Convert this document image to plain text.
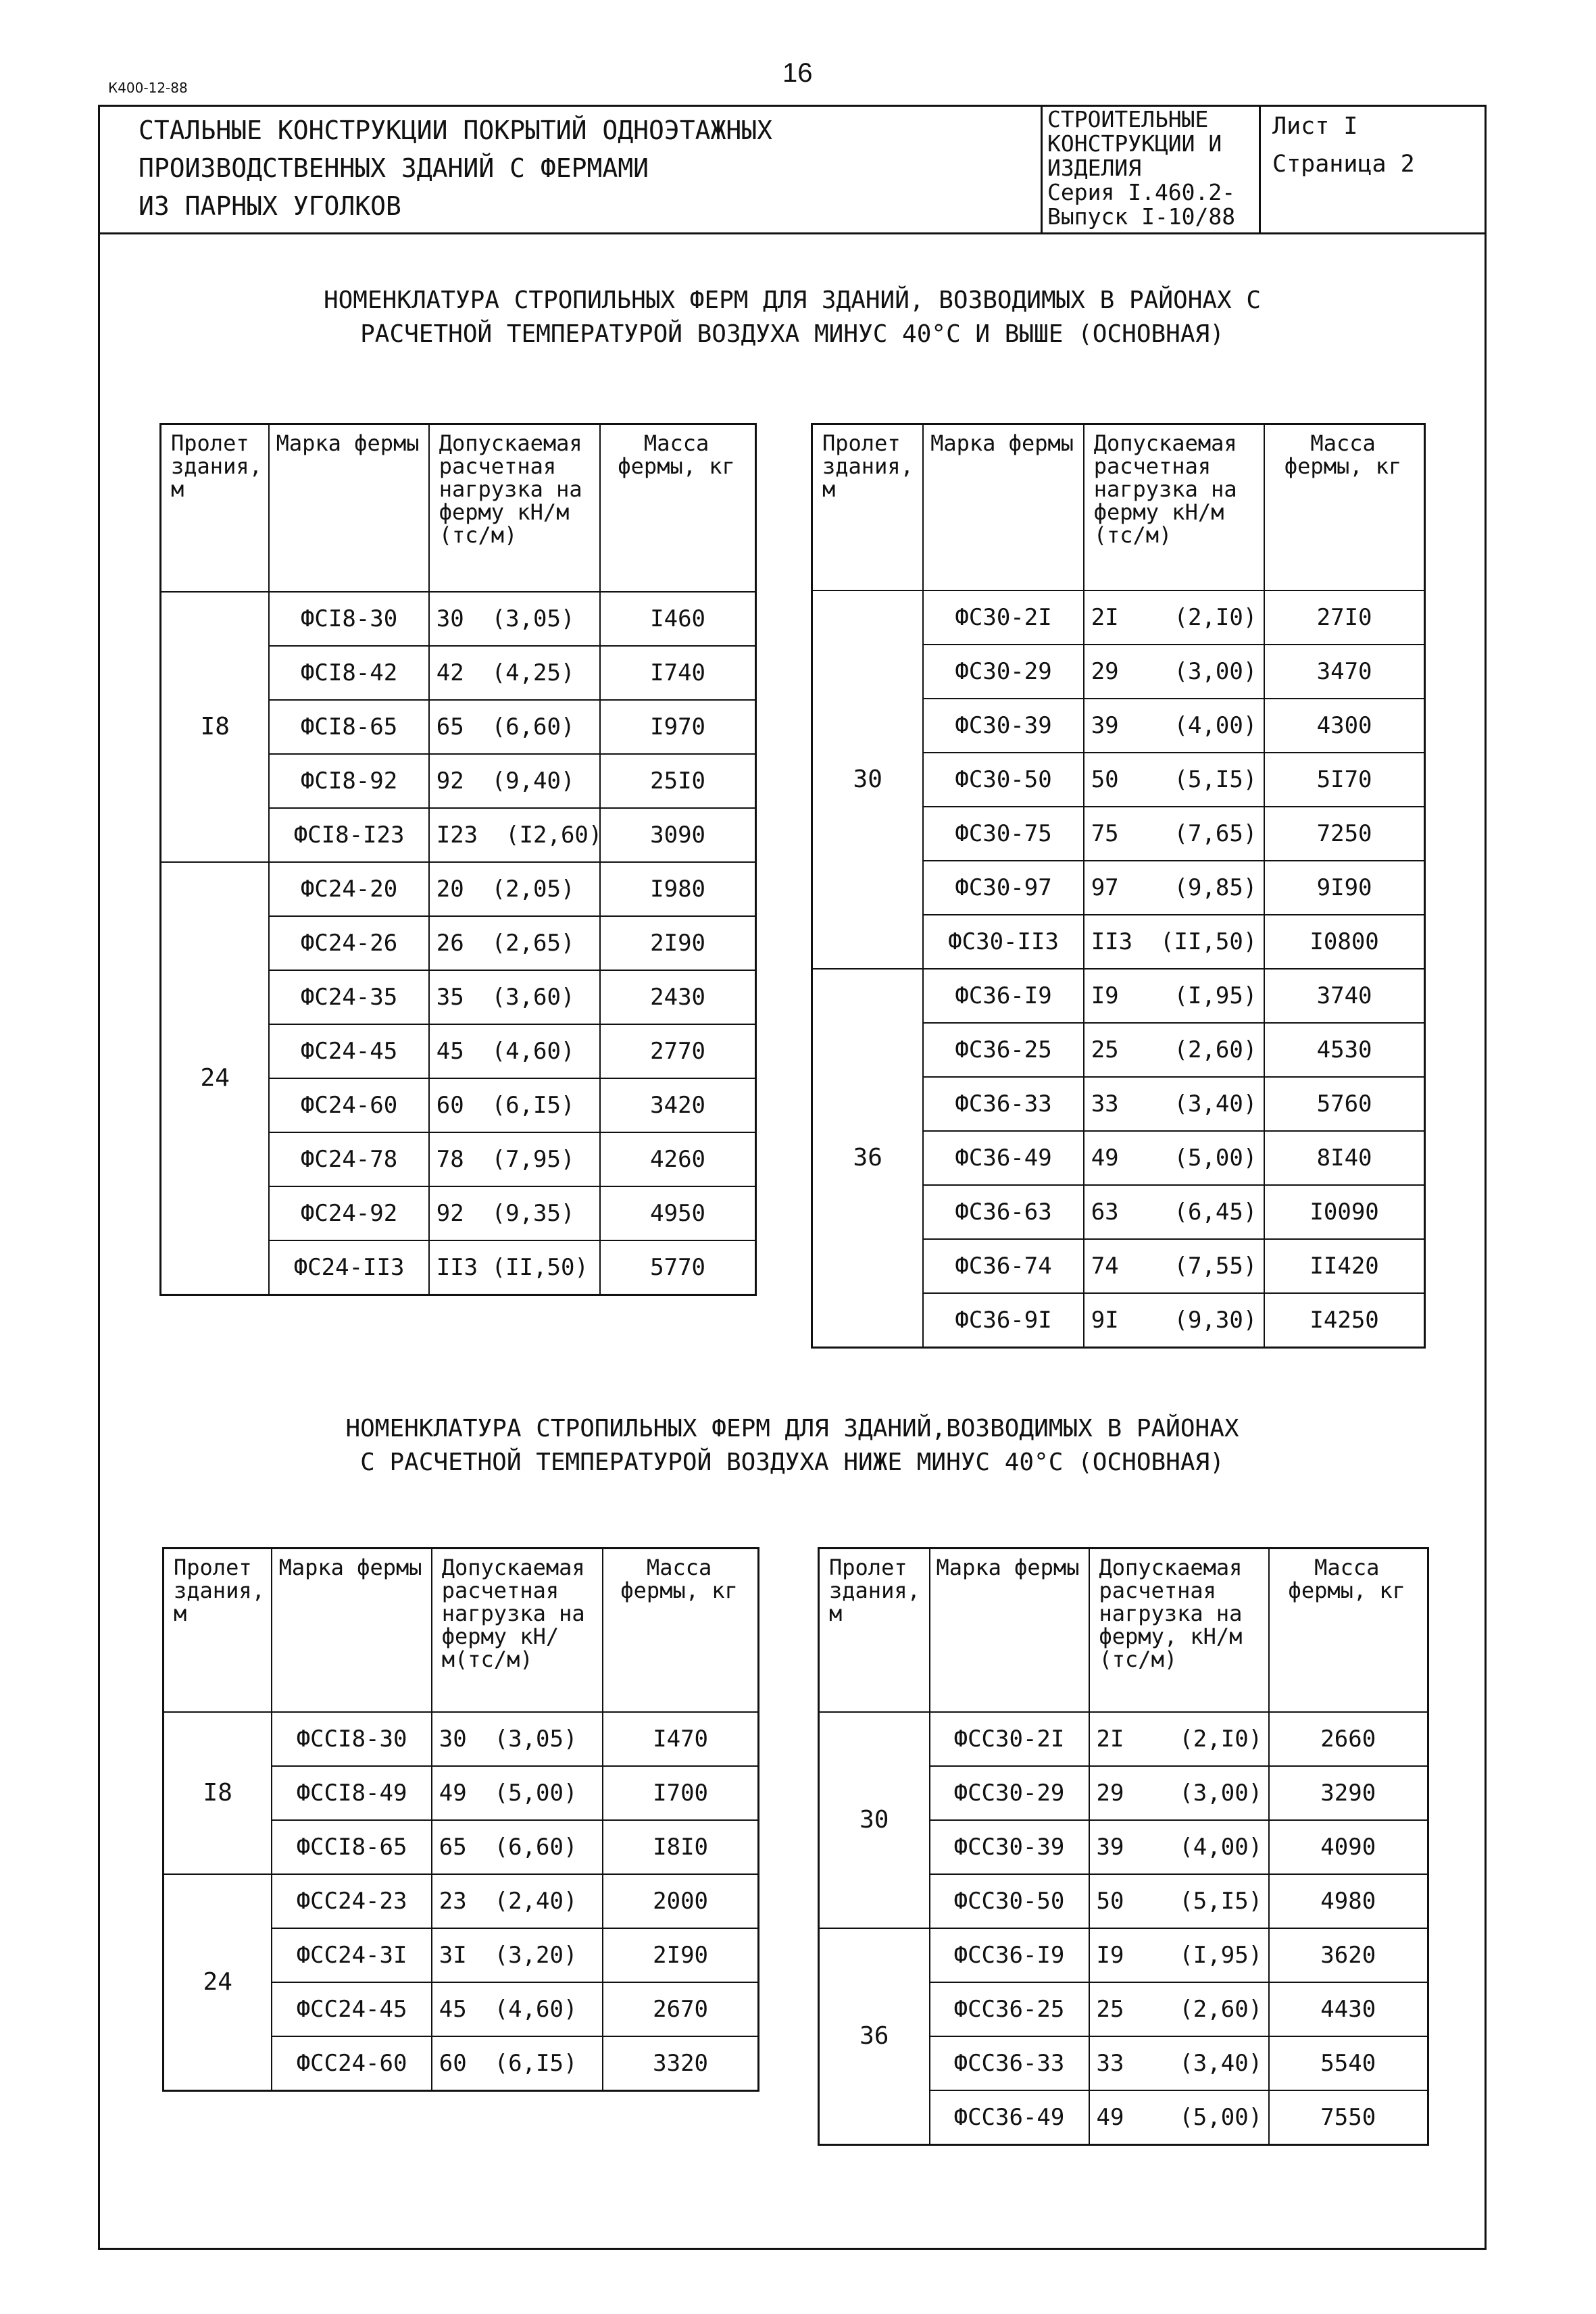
К400-12-88	16
СТАЛЬНЫЕ КОНСТРУКЦИИ ПОКРЫТИЙ ОДНОЭТАЖНЫХ
ПРОИЗВОДСТВЕННЫХ ЗДАНИЙ С ФЕРМАМИ
ИЗ ПАРНЫХ УГОЛКОВ
СТРОИТЕЛЬНЫЕ
КОНСТРУКЦИИ И
ИЗДЕЛИЯ
Серия I.460.2-
Выпуск I-10/88
Лист I
Страница 2
НОМЕНКЛАТУРА СТРОПИЛЬНЫХ ФЕРМ ДЛЯ ЗДАНИЙ, ВОЗВОДИМЫХ В РАЙОНАХ С
РАСЧЕТНОЙ ТЕМПЕРАТУРОЙ ВОЗДУХА МИНУС 40°С И ВЫШЕ (ОСНОВНАЯ)
НОМЕНКЛАТУРА СТРОПИЛЬНЫХ ФЕРМ ДЛЯ ЗДАНИЙ,ВОЗВОДИМЫХ В РАЙОНАХ
С РАСЧЕТНОЙ ТЕМПЕРАТУРОЙ ВОЗДУХА НИЖЕ МИНУС 40°С (ОСНОВНАЯ)
Пролет здания, м	Марка фермы	Допускаемая расчетная нагрузка на ферму кН/м (тс/м)	Масса фермы, кг
I8	ФСI8-30	30  (3,05)	I460
	ФСI8-42	42  (4,25)	I740
	ФСI8-65	65  (6,60)	I970
	ФСI8-92	92  (9,40)	25I0
	ФСI8-I23	I23  (I2,60)	3090
24	ФС24-20	20  (2,05)	I980
	ФС24-26	26  (2,65)	2I90
	ФС24-35	35  (3,60)	2430
	ФС24-45	45  (4,60)	2770
	ФС24-60	60  (6,I5)	3420
	ФС24-78	78  (7,95)	4260
	ФС24-92	92  (9,35)	4950
	ФС24-II3	II3 (II,50)	5770
Пролет здания, м	Марка фермы	Допускаемая расчетная нагрузка на ферму кН/м (тс/м)	Масса фермы, кг
30	ФС30-2I	2I    (2,I0)	27I0
	ФС30-29	29    (3,00)	3470
	ФС30-39	39    (4,00)	4300
	ФС30-50	50    (5,I5)	5I70
	ФС30-75	75    (7,65)	7250
	ФС30-97	97    (9,85)	9I90
	ФС30-II3	II3  (II,50)	I0800
36	ФС36-I9	I9    (I,95)	3740
	ФС36-25	25    (2,60)	4530
	ФС36-33	33    (3,40)	5760
	ФС36-49	49    (5,00)	8I40
	ФС36-63	63    (6,45)	I0090
	ФС36-74	74    (7,55)	II420
	ФС36-9I	9I    (9,30)	I4250
Пролет здания, м	Марка фермы	Допускаемая расчетная нагрузка на ферму кН/м(тс/м)	Масса фермы, кг
I8	ФССI8-30	30  (3,05)	I470
	ФССI8-49	49  (5,00)	I700
	ФССI8-65	65  (6,60)	I8I0
24	ФСС24-23	23  (2,40)	2000
	ФСС24-3I	3I  (3,20)	2I90
	ФСС24-45	45  (4,60)	2670
	ФСС24-60	60  (6,I5)	3320
Пролет здания, м	Марка фермы	Допускаемая расчетная нагрузка на ферму, кН/м (тс/м)	Масса фермы, кг
30	ФСС30-2I	2I    (2,I0)	2660
	ФСС30-29	29    (3,00)	3290
	ФСС30-39	39    (4,00)	4090
	ФСС30-50	50    (5,I5)	4980
36	ФСС36-I9	I9    (I,95)	3620
	ФСС36-25	25    (2,60)	4430
	ФСС36-33	33    (3,40)	5540
	ФСС36-49	49    (5,00)	7550
